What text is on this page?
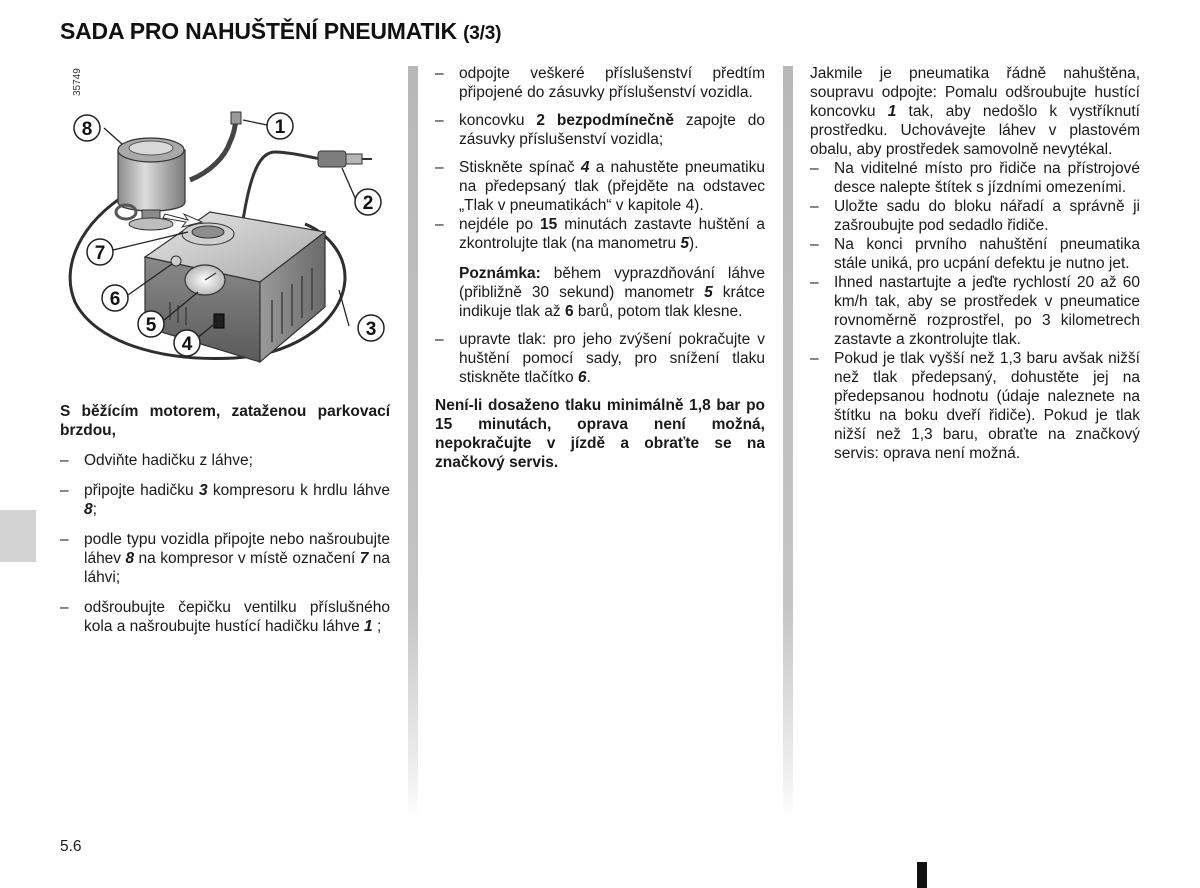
SADA PRO NAHUŠTĚNÍ PNEUMATIK (3/3)
35749
1
2
3
4
5
6
7
8

S běžícím motorem, zataženou parkovací brzdou,

– Odviňte hadičku z láhve;
– připojte hadičku 3 kompresoru k hrdlu láhve 8;
– podle typu vozidla připojte nebo našroubujte láhev 8 na kompresor v místě označení 7 na láhvi;
– odšroubujte čepičku ventilku příslušného kola a našroubujte hustící hadičku láhve 1 ;
– odpojte veškeré příslušenství předtím připojené do zásuvky příslušenství vozidla.
– koncovku 2 bezpodmínečně zapojte do zásuvky příslušenství vozidla;
– Stiskněte spínač 4 a nahustěte pneumatiku na předepsaný tlak (přejděte na odstavec „Tlak v pneumatikách“ v kapitole 4).
– nejdéle po 15 minutách zastavte huštění a zkontrolujte tlak (na manometru 5).

Poznámka: během vyprazdňování láhve (přibližně 30 sekund) manometr 5 krátce indikuje tlak až 6 barů, potom tlak klesne.

– upravte tlak: pro jeho zvýšení pokračujte v huštění pomocí sady, pro snížení tlaku stiskněte tlačítko 6.

Není-li dosaženo tlaku minimálně 1,8 bar po 15 minutách, oprava není možná, nepokračujte v jízdě a obraťte se na značkový servis.

Jakmile je pneumatika řádně nahuštěna, soupravu odpojte: Pomalu odšroubujte hustící koncovku 1 tak, aby nedošlo k vystříknutí prostředku. Uchovávejte láhev v plastovém obalu, aby prostředek samovolně nevytékal.

– Na viditelné místo pro řidiče na přístrojové desce nalepte štítek s jízdními omezeními.
– Uložte sadu do bloku nářadí a správně ji zašroubujte pod sedadlo řidiče.
– Na konci prvního nahuštění pneumatika stále uniká, pro ucpání defektu je nutno jet.
– Ihned nastartujte a jeďte rychlostí 20 až 60 km/h tak, aby se prostředek v pneumatice rovnoměrně rozprostřel, po 3 kilometrech zastavte a zkontrolujte tlak.
– Pokud je tlak vyšší než 1,3 baru avšak nižší než tlak předepsaný, dohustěte jej na předepsanou hodnotu (údaje naleznete na štítku na boku dveří řidiče). Pokud je tlak nižší než 1,3 baru, obraťte na značkový servis: oprava není možná.
5.6
